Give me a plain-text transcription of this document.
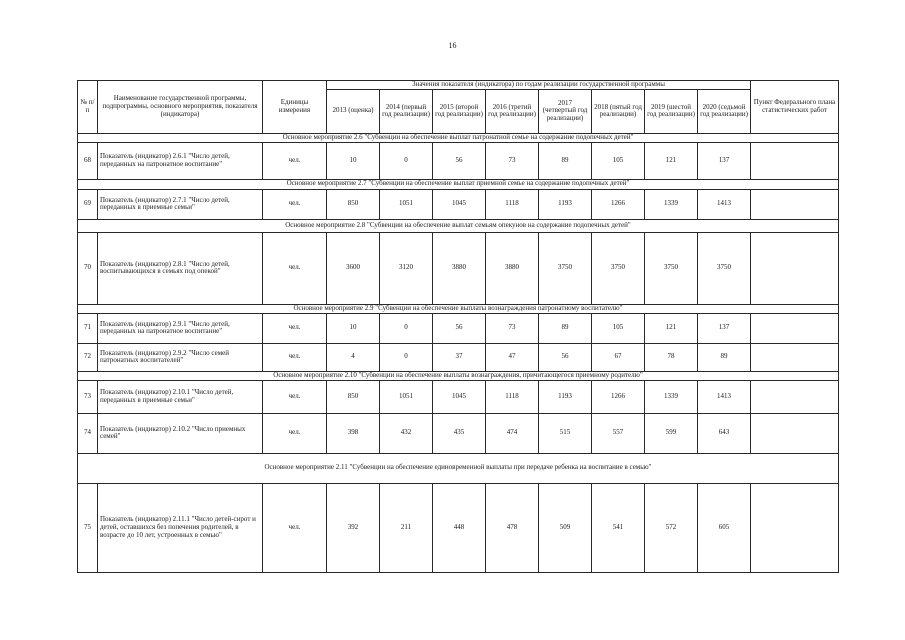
16
№ п/п	Наименование государственной программы, подпрограммы, основного мероприятия, показателя (индикатора)	Единицы измерения	Значения показателя (индикатора) по годам реализации государственной программы								Пункт Федерального плана статистических работ
			2013 (оценка)	2014 (первый год реализации)	2015 (второй год реализации)	2016 (третий год реализации)	2017 (четвертый год реализации)	2018 (пятый год реализации)	2019 (шестой год реализации)	2020 (седьмой год реализации)	
Основное мероприятие 2.6 "Субвенции на обеспечение выплат патронатной семье на содержание подопечных детей"											
68	Показатель (индикатор) 2.6.1 "Число детей, переданных на патронатное воспитание"	чел.	10	0	56	73	89	105	121	137	
Основное мероприятие 2.7 "Субвенции на обеспечение выплат приемной семье на содержание подопечных детей"											
69	Показатель (индикатор) 2.7.1 "Число детей, переданных в приемные семьи"	чел.	850	1051	1045	1118	1193	1266	1339	1413	
Основное мероприятие 2.8 "Субвенции на обеспечение выплат семьям опекунов на содержание подопечных детей"											
70	Показатель (индикатор) 2.8.1 "Число детей, воспитывающихся в семьях под опекой"	чел.	3600	3120	3880	3880	3750	3750	3750	3750	
Основное мероприятие 2.9 "Субвенции на обеспечение выплаты вознаграждения патронатному воспитателю"											
71	Показатель (индикатор) 2.9.1 "Число детей, переданных на патронатное воспитание"	чел.	10	0	56	73	89	105	121	137	
72	Показатель (индикатор) 2.9.2 "Число семей патронатных воспитателей"	чел.	4	0	37	47	56	67	78	89	
Основное мероприятие 2.10 "Субвенции на обеспечение выплаты вознаграждения, причитающегося приемному родителю"											
73	Показатель (индикатор) 2.10.1 "Число детей, переданных в приемные семьи"	чел.	850	1051	1045	1118	1193	1266	1339	1413	
74	Показатель (индикатор) 2.10.2 "Число приемных семей"	чел.	398	432	435	474	515	557	599	643	
Основное мероприятие 2.11 "Субвенции на обеспечение единовременной выплаты при передаче ребенка на воспитание в семью"											
75	Показатель (индикатор) 2.11.1 "Число детей-сирот и детей, оставшихся без попечения родителей, в возрасте до 10 лет, устроенных в семью"	чел.	392	211	448	478	509	541	572	605	
